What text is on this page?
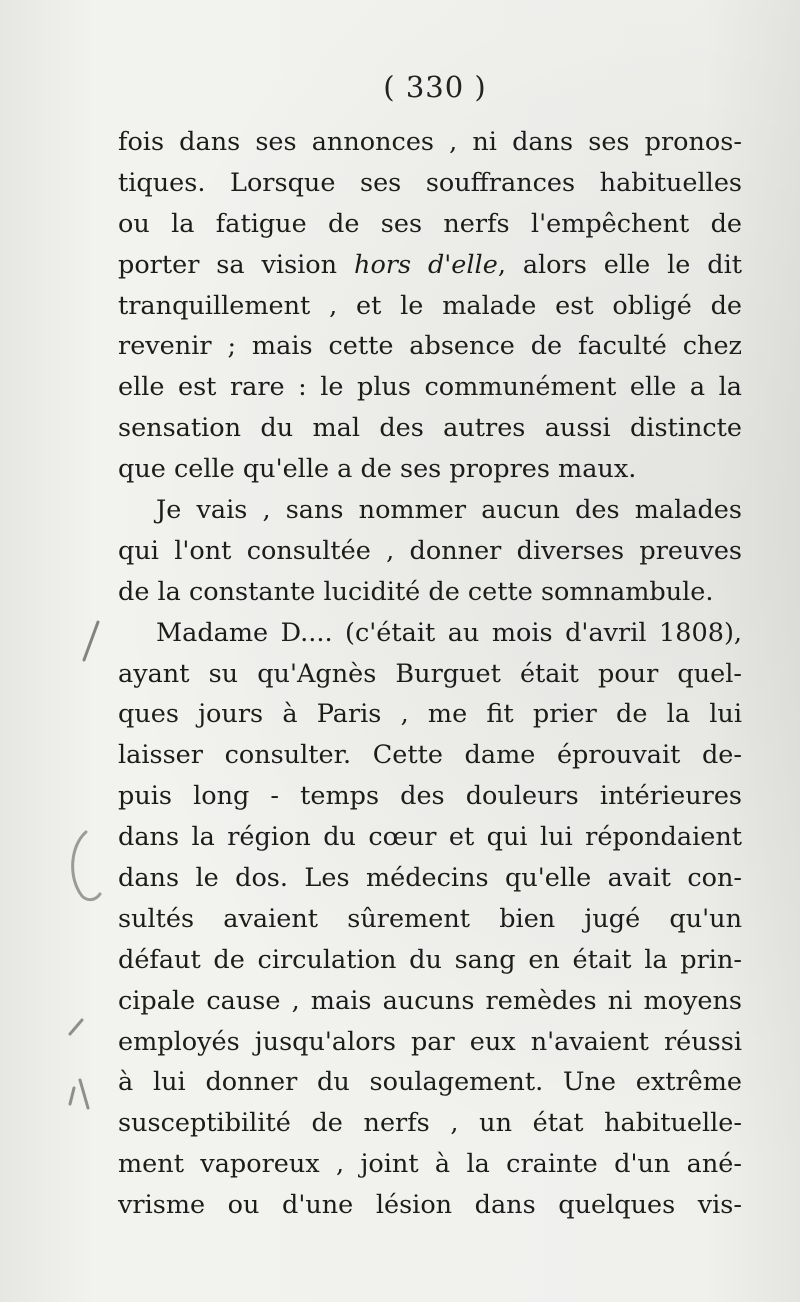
( 330 )
fois dans ses annonces , ni dans ses pronos-
tiques. Lorsque ses souffrances habituelles
ou la fatigue de ses nerfs l'empêchent de
porter sa vision hors d'elle, alors elle le dit
tranquillement , et le malade est obligé de
revenir ; mais cette absence de faculté chez
elle est rare : le plus communément elle a la
sensation du mal des autres aussi distincte
que celle qu'elle a de ses propres maux.
Je vais , sans nommer aucun des malades
qui l'ont consultée , donner diverses preuves
de la constante lucidité de cette somnambule.
Madame D.... (c'était au mois d'avril 1808),
ayant su qu'Agnès Burguet était pour quel-
ques jours à Paris , me fit prier de la lui
laisser consulter. Cette dame éprouvait de-
puis long - temps des douleurs intérieures
dans la région du cœur et qui lui répondaient
dans le dos. Les médecins qu'elle avait con-
sultés avaient sûrement bien jugé qu'un
défaut de circulation du sang en était la prin-
cipale cause , mais aucuns remèdes ni moyens
employés jusqu'alors par eux n'avaient réussi
à lui donner du soulagement. Une extrême
susceptibilité de nerfs , un état habituelle-
ment vaporeux , joint à la crainte d'un ané-
vrisme ou d'une lésion dans quelques vis-
